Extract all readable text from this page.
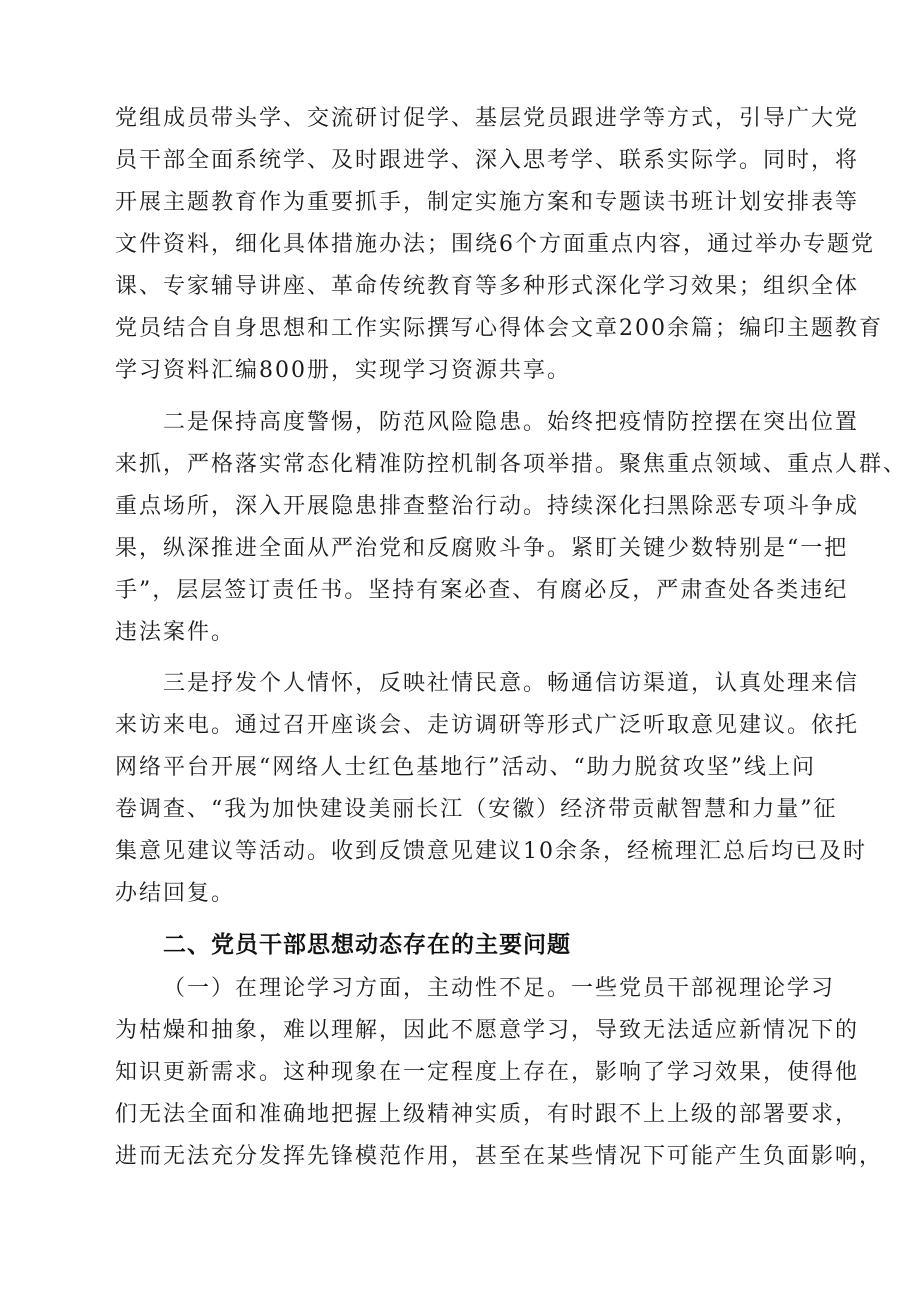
党组成员带头学、交流研讨促学、基层党员跟进学等方式，引导广大党
员干部全面系统学、及时跟进学、深入思考学、联系实际学。同时，将
开展主题教育作为重要抓手，制定实施方案和专题读书班计划安排表等
文件资料，细化具体措施办法；围绕6个方面重点内容，通过举办专题党
课、专家辅导讲座、革命传统教育等多种形式深化学习效果；组织全体
党员结合自身思想和工作实际撰写心得体会文章200余篇；编印主题教育
学习资料汇编800册，实现学习资源共享。
二是保持高度警惕，防范风险隐患。始终把疫情防控摆在突出位置
来抓，严格落实常态化精准防控机制各项举措。聚焦重点领域、重点人群、
重点场所，深入开展隐患排查整治行动。持续深化扫黑除恶专项斗争成
果，纵深推进全面从严治党和反腐败斗争。紧盯关键少数特别是“一把
手”，层层签订责任书。坚持有案必查、有腐必反，严肃查处各类违纪
违法案件。
三是抒发个人情怀，反映社情民意。畅通信访渠道，认真处理来信
来访来电。通过召开座谈会、走访调研等形式广泛听取意见建议。依托
网络平台开展“网络人士红色基地行”活动、“助力脱贫攻坚”线上问
卷调查、“我为加快建设美丽长江（安徽）经济带贡献智慧和力量”征
集意见建议等活动。收到反馈意见建议10余条，经梳理汇总后均已及时
办结回复。
二、党员干部思想动态存在的主要问题
（一）在理论学习方面，主动性不足。一些党员干部视理论学习
为枯燥和抽象，难以理解，因此不愿意学习，导致无法适应新情况下的
知识更新需求。这种现象在一定程度上存在，影响了学习效果，使得他
们无法全面和准确地把握上级精神实质，有时跟不上上级的部署要求，
进而无法充分发挥先锋模范作用，甚至在某些情况下可能产生负面影响，
